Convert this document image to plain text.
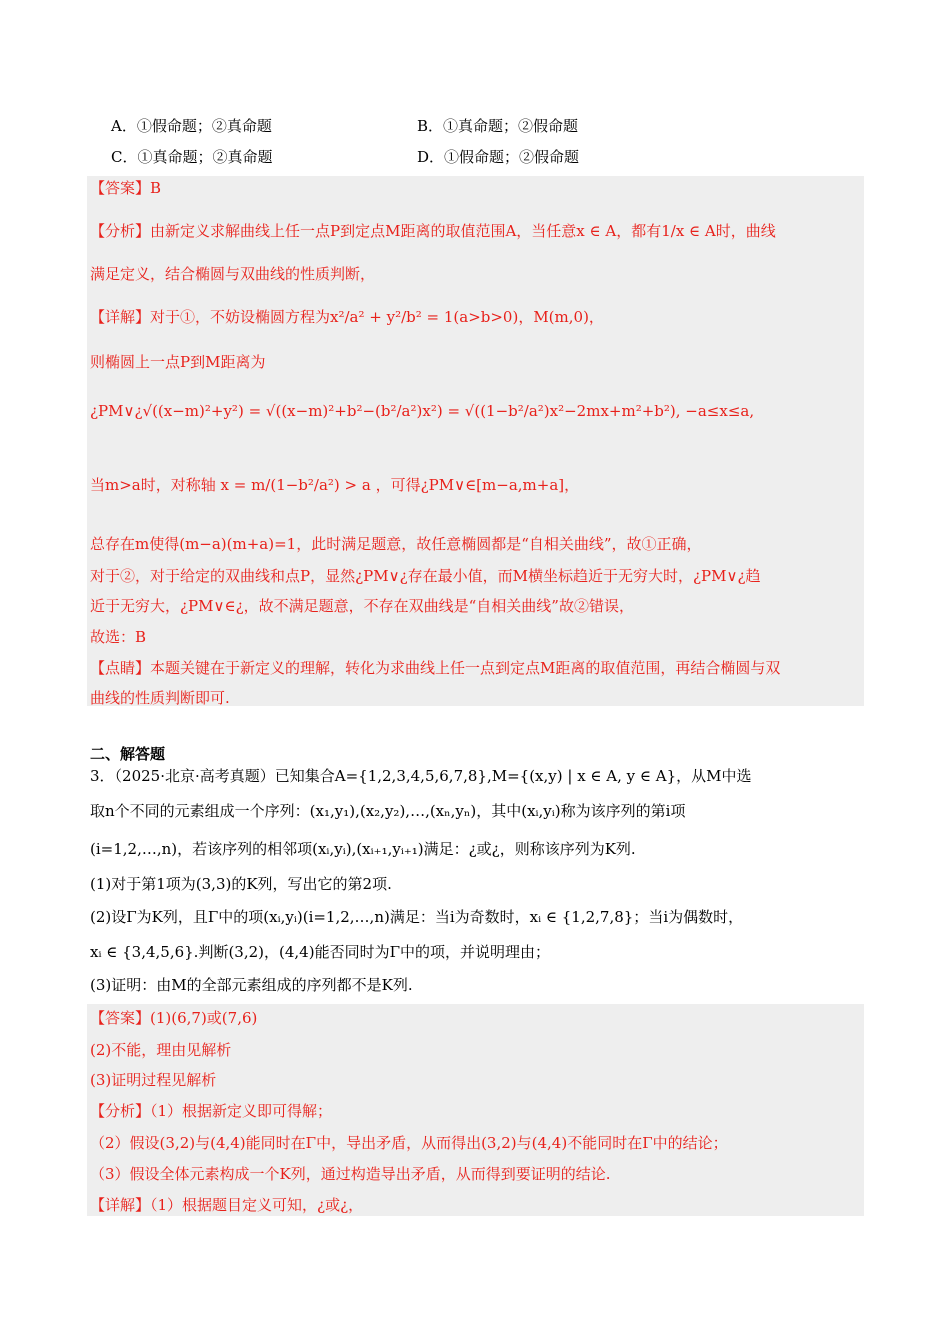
A．①假命题；②真命题	B．①真命题；②假命题
C．①真命题；②真命题	D．①假命题；②假命题
【答案】B
【分析】由新定义求解曲线上任一点P到定点M距离的取值范围A，当任意x ∈ A，都有1/x ∈ A时，曲线
满足定义，结合椭圆与双曲线的性质判断，
【详解】对于①，不妨设椭圆方程为x²/a² + y²/b² = 1(a>b>0)，M(m,0)，
则椭圆上一点P到M距离为
¿PM∨¿√((x−m)²+y²) = √((x−m)²+b²−(b²/a²)x²) = √((1−b²/a²)x²−2mx+m²+b²), −a≤x≤a,
当m>a时，对称轴 x = m/(1−b²/a²) > a ，可得¿PM∨∈[m−a,m+a]，
总存在m使得(m−a)(m+a)=1，此时满足题意，故任意椭圆都是“自相关曲线”，故①正确，
对于②，对于给定的双曲线和点P，显然¿PM∨¿存在最小值，而M横坐标趋近于无穷大时，¿PM∨¿趋
近于无穷大，¿PM∨∈¿，故不满足题意，不存在双曲线是“自相关曲线”故②错误，
故选：B
【点睛】本题关键在于新定义的理解，转化为求曲线上任一点到定点M距离的取值范围，再结合椭圆与双
曲线的性质判断即可.
二、解答题
3．（2025·北京·高考真题）已知集合A={1,2,3,4,5,6,7,8},M={(x,y) | x ∈ A, y ∈ A}，从M中选
取n个不同的元素组成一个序列：(x₁,y₁),(x₂,y₂),…,(xₙ,yₙ)，其中(xᵢ,yᵢ)称为该序列的第i项
(i=1,2,…,n)，若该序列的相邻项(xᵢ,yᵢ),(xᵢ₊₁,yᵢ₊₁)满足：¿或¿，则称该序列为K列.
(1)对于第1项为(3,3)的K列，写出它的第2项.
(2)设Γ为K列，且Γ中的项(xᵢ,yᵢ)(i=1,2,…,n)满足：当i为奇数时，xᵢ ∈ {1,2,7,8}；当i为偶数时，
xᵢ ∈ {3,4,5,6}.判断(3,2)，(4,4)能否同时为Γ中的项，并说明理由；
(3)证明：由M的全部元素组成的序列都不是K列.
【答案】(1)(6,7)或(7,6)
(2)不能，理由见解析
(3)证明过程见解析
【分析】（1）根据新定义即可得解；
（2）假设(3,2)与(4,4)能同时在Γ中，导出矛盾，从而得出(3,2)与(4,4)不能同时在Γ中的结论；
（3）假设全体元素构成一个K列，通过构造导出矛盾，从而得到要证明的结论.
【详解】（1）根据题目定义可知，¿或¿，
